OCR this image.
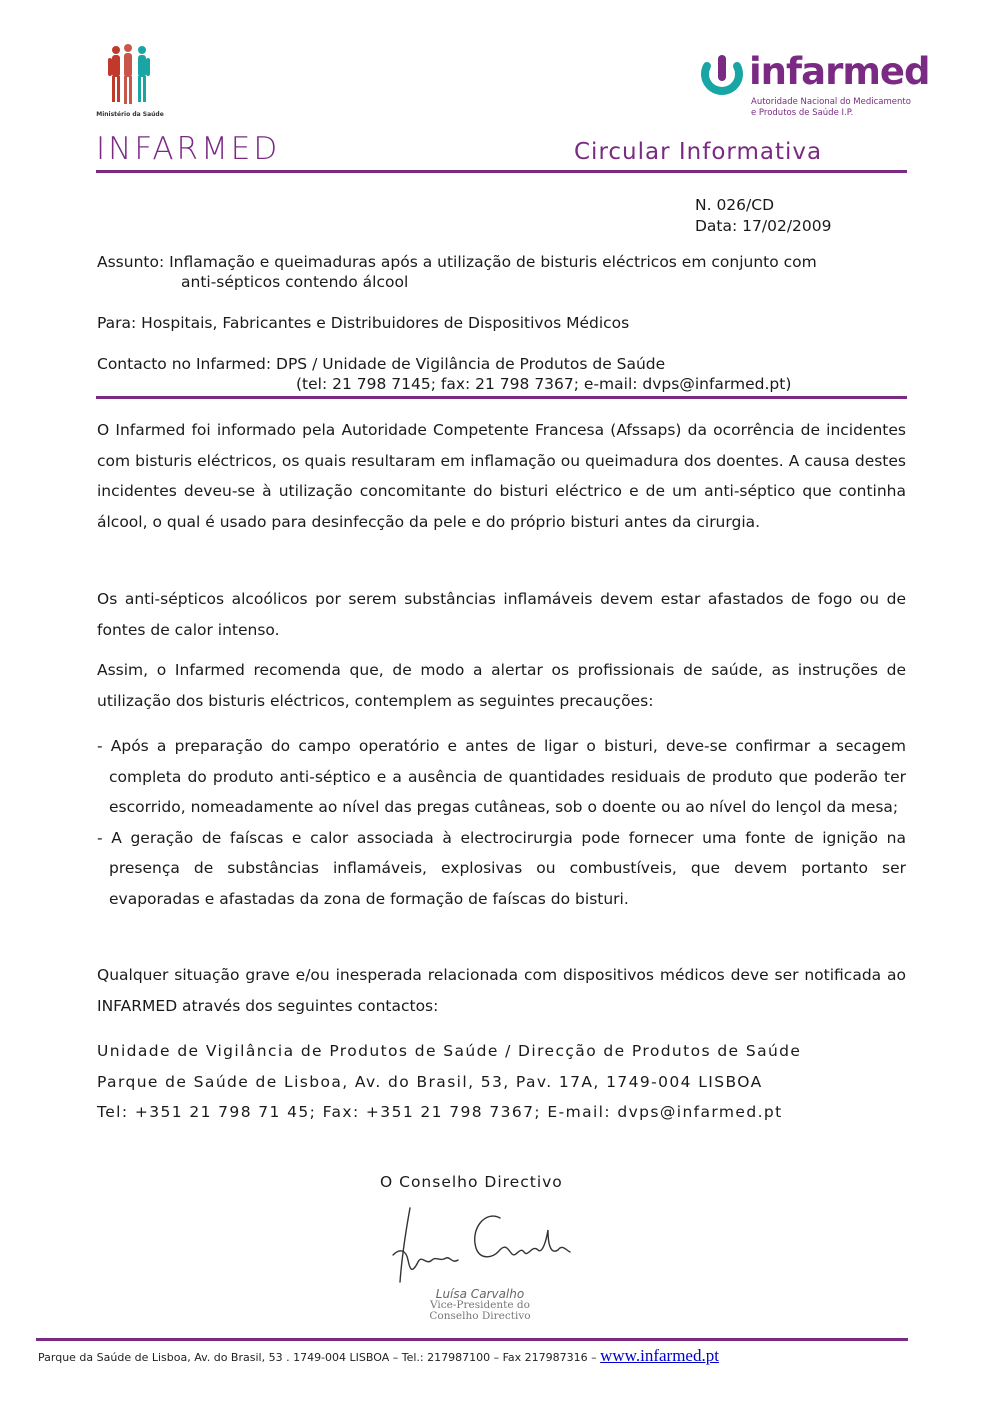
Ministério da Saúde
infarmed
Autoridade Nacional do Medicamento
e Produtos de Saúde I.P.
INFARMED	Circular Informativa
N. 026/CD
Data: 17/02/2009
Assunto: Inflamação e queimaduras após a utilização de bisturis eléctricos em conjunto com
anti-sépticos contendo álcool
Para: Hospitais, Fabricantes e Distribuidores de Dispositivos Médicos
Contacto no Infarmed: DPS / Unidade de Vigilância de Produtos de Saúde
(tel: 21 798 7145; fax: 21 798 7367; e-mail: dvps@infarmed.pt)

O Infarmed foi informado pela Autoridade Competente Francesa (Afssaps) da ocorrência de incidentes com bisturis eléctricos, os quais resultaram em inflamação ou queimadura dos doentes. A causa destes incidentes deveu-se à utilização concomitante do bisturi eléctrico e de um anti-séptico que continha álcool, o qual é usado para desinfecção da pele e do próprio bisturi antes da cirurgia.

Os anti-sépticos alcoólicos por serem substâncias inflamáveis devem estar afastados de fogo ou de fontes de calor intenso.

Assim, o Infarmed recomenda que, de modo a alertar os profissionais de saúde, as instruções de utilização dos bisturis eléctricos, contemplem as seguintes precauções:

- Após a preparação do campo operatório e antes de ligar o bisturi, deve-se confirmar a secagem completa do produto anti-séptico e a ausência de quantidades residuais de produto que poderão ter escorrido, nomeadamente ao nível das pregas cutâneas, sob o doente ou ao nível do lençol da mesa;
- A geração de faíscas e calor associada à electrocirurgia pode fornecer uma fonte de ignição na presença de substâncias inflamáveis, explosivas ou combustíveis, que devem portanto ser evaporadas e afastadas da zona de formação de faíscas do bisturi.

Qualquer situação grave e/ou inesperada relacionada com dispositivos médicos deve ser notificada ao INFARMED através dos seguintes contactos:

Unidade de Vigilância de Produtos de Saúde / Direcção de Produtos de Saúde
Parque de Saúde de Lisboa, Av. do Brasil, 53, Pav. 17A, 1749-004 LISBOA
Tel: +351 21 798 71 45; Fax: +351 21 798 7367; E-mail: dvps@infarmed.pt
O Conselho Directivo
Luísa Carvalho
Vice-Presidente do
Conselho Directivo
Parque da Saúde de Lisboa, Av. do Brasil, 53 . 1749-004 LISBOA – Tel.: 217987100 – Fax 217987316 – www.infarmed.pt
